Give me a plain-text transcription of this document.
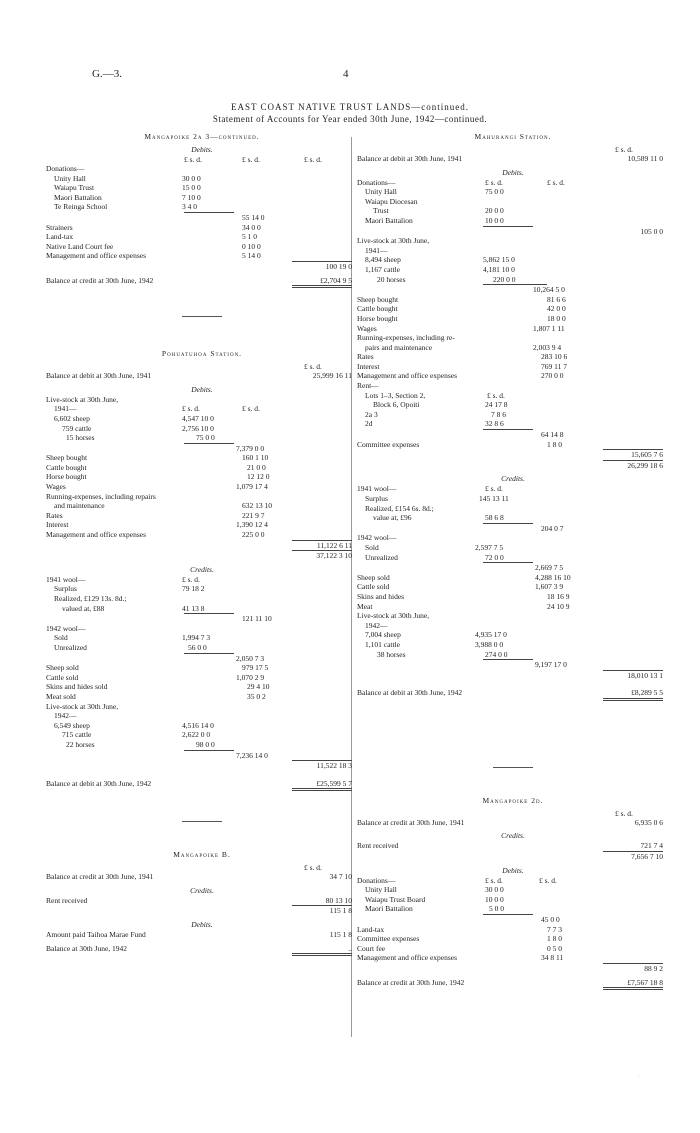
G.—3.	4
EAST COAST NATIVE TRUST LANDS—continued.
Statement of Accounts for Year ended 30th June, 1942—continued.
Mangapoike 2a 3—continued.
Debits.
£ s. d.	£ s. d.	£ s. d.
Donations—
Unity Hall	30 0 0
Waiapu Trust	15 0 0
Maori Battalion	7 10 0
Te Reinga School	3 4 0
55 14 0
Strainers	34 0 0
Land-tax	5 1 0
Native Land Court fee	0 10 0
Management and office expenses	5 14 0
100 19 0
Balance at credit at 30th June, 1942	£2,704 9 5
Pohuatuhoa Station.
£ s. d.
Balance at debit at 30th June, 1941	25,999 16 11
Debits.
Live-stock at 30th June,
1941—	£ s. d.	£ s. d.
6,602 sheep	4,547 10 0
759 cattle	2,756 10 0
15 horses	75 0 0
7,379 0 0
Sheep bought	160 1 10
Cattle bought	21 0 0
Horse bought	12 12 0
Wages	1,079 17 4
Running-expenses, including repairs
and maintenance	632 13 10
Rates	221 9 7
Interest	1,390 12 4
Management and office expenses	225 0 0
11,122 6 11
37,122 3 10
Credits.
1941 wool—	£ s. d.
Surplus	79 18 2
Realized, £129 13s. 8d.;
valued at, £88	41 13 8
121 11 10
1942 wool—
Sold	1,994 7 3
Unrealized	56 0 0
2,050 7 3
Sheep sold	979 17 5
Cattle sold	1,070 2 9
Skins and hides sold	29 4 10
Meat sold	35 0 2
Live-stock at 30th June,
1942—
6,549 sheep	4,516 14 0
715 cattle	2,622 0 0
22 horses	98 0 0
7,236 14 0
11,522 18 3
Balance at debit at 30th June, 1942	£25,599 5 7
Mangapoike B.
£ s. d.
Balance at credit at 30th June, 1941	34 7 10
Credits.
Rent received	80 13 10
115 1 8
Debits.
Amount paid Taihoa Marae Fund	115 1 8
Balance at 30th June, 1942	..
Mahurangi Station.
£ s. d.
Balance at debit at 30th June, 1941	10,589 11 0
Debits.
Donations—	£ s. d.	£ s. d.
Unity Hall	75 0 0
Waiapu Diocesan
Trust	20 0 0
Maori Battalion	10 0 0
105 0 0
Live-stock at 30th June,
1941—
8,494 sheep	5,862 15 0
1,167 cattle	4,181 10 0
20 horses	220 0 0
10,264 5 0
Sheep bought	81 6 6
Cattle bought	42 0 0
Horse bought	18 0 0
Wages	1,807 1 11
Running-expenses, including re-
pairs and maintenance	2,003 9 4
Rates	283 10 6
Interest	769 11 7
Management and office expenses	270 0 0
Rent—
Lots 1–3, Section 2,	£ s. d.
Block 6, Opoiti	24 17 8
2a 3	7 8 6
2d	32 8 6
64 14 8
Committee expenses	1 8 0
15,605 7 6
26,299 18 6
Credits.
1941 wool—	£ s. d.
Surplus	145 13 11
Realized, £154 6s. 8d.;
value at, £96	58 6 8
204 0 7
1942 wool—
Sold	2,597 7 5
Unrealized	72 0 0
2,669 7 5
Sheep sold	4,288 16 10
Cattle sold	1,607 3 9
Skins and hides	18 16 9
Meat	24 10 9
Live-stock at 30th June,
1942—
7,004 sheep	4,935 17 0
1,101 cattle	3,988 0 0
38 horses	274 0 0
9,197 17 0
18,010 13 1
Balance at debit at 30th June, 1942	£8,289 5 5
Mangapoike 2d.
£ s. d.
Balance at credit at 30th June, 1941	6,935 0 6
Credits.
Rent received	721 7 4
7,656 7 10
Debits.
Donations—	£ s. d.	£ s. d.
Unity Hall	30 0 0
Waiapu Trust Board	10 0 0
Maori Battalion	5 0 0
45 0 0
Land-tax	7 7 3
Committee expenses	1 8 0
Court fee	0 5 0
Management and office expenses	34 8 11
88 9 2
Balance at credit at 30th June, 1942	£7,567 18 8
·
